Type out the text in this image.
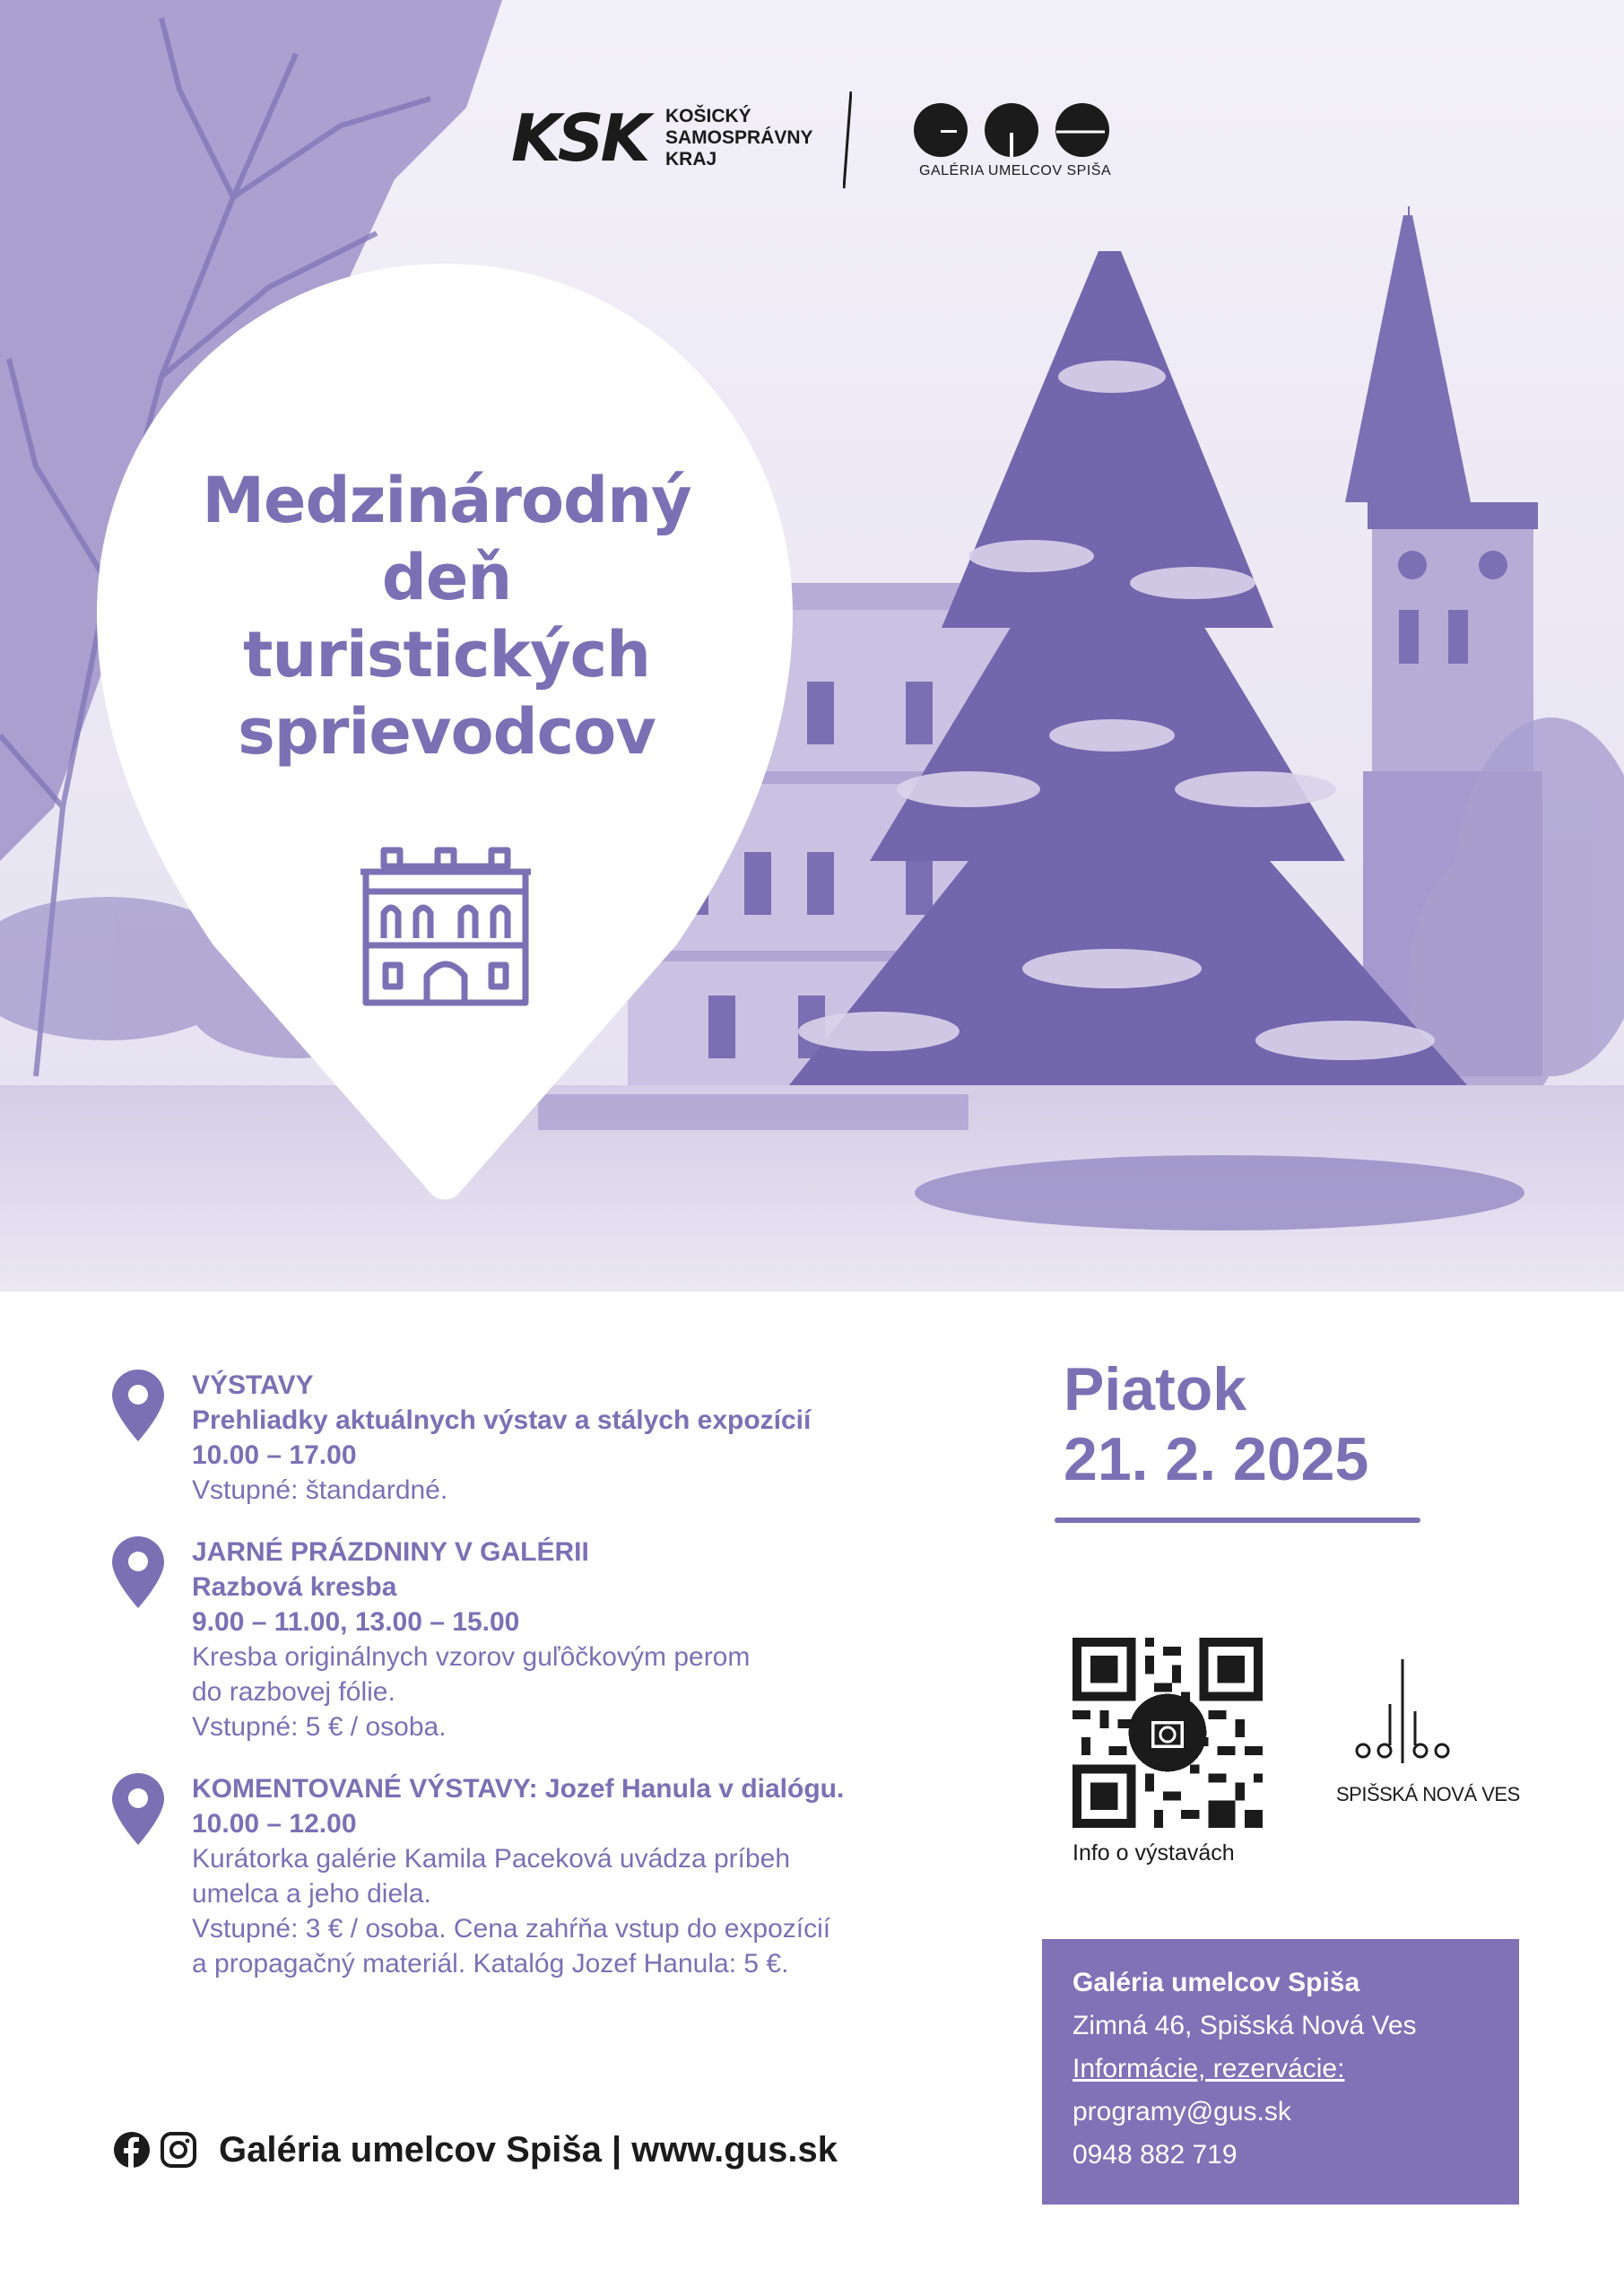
KSK KOŠICKÝ
SAMOSPRÁVNY
KRAJ
GALÉRIA UMELCOV SPIŠA
Medzinárodný
deň
turistických
sprievodcov
VÝSTAVY
Prehliadky aktuálnych výstav a stálych expozícií
10.00 – 17.00
Vstupné: štandardné.
JARNÉ PRÁZDNINY V GALÉRII
Razbová kresba
9.00 – 11.00, 13.00 – 15.00
Kresba originálnych vzorov guľôčkovým perom
do razbovej fólie.
Vstupné: 5 € / osoba.
KOMENTOVANÉ VÝSTAVY: Jozef Hanula v dialógu.
10.00 – 12.00
Kurátorka galérie Kamila Paceková uvádza príbeh
umelca a jeho diela.
Vstupné: 3 € / osoba. Cena zahŕňa vstup do expozícií
a propagačný materiál. Katalóg Jozef Hanula: 5 €.
Piatok
21. 2. 2025
Info o výstavách
SPIŠSKÁ NOVÁ VES
Galéria umelcov Spiša
Zimná 46, Spišská Nová Ves
Informácie, rezervácie:
programy@gus.sk
0948 882 719
Galéria umelcov Spiša | www.gus.sk
